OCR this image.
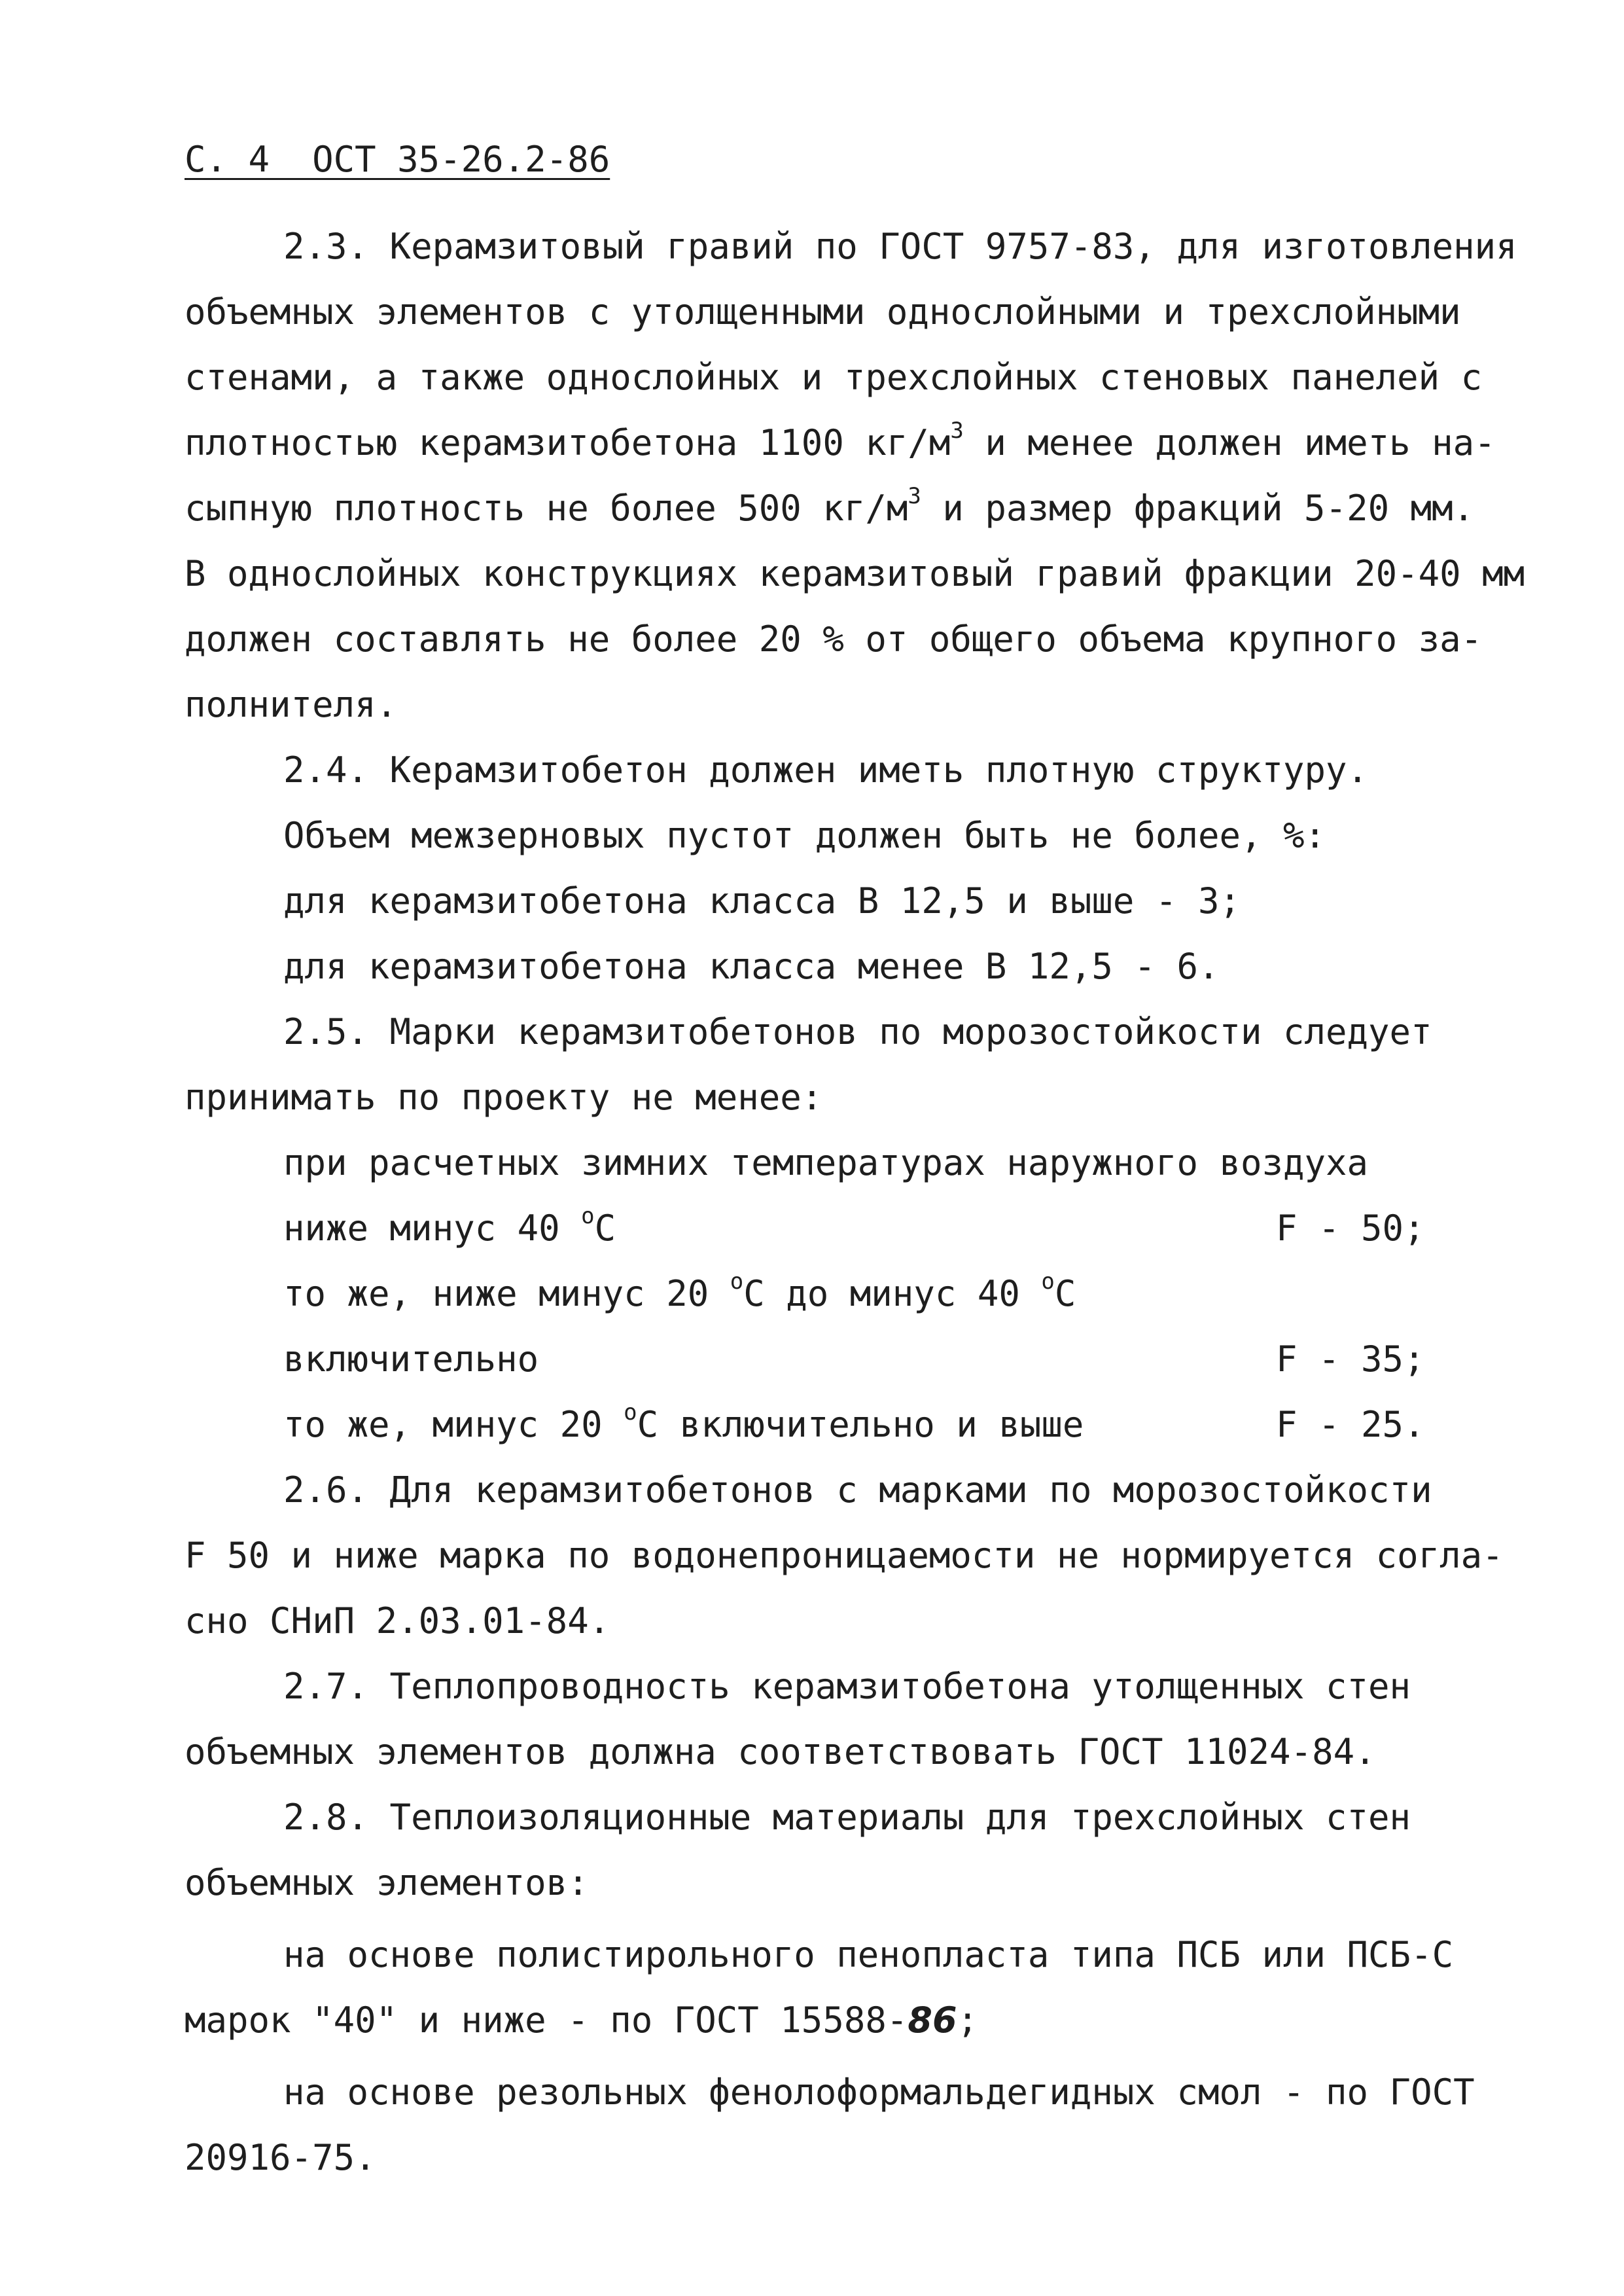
С. 4  ОСТ 35-26.2-86
2.3. Керамзитовый гравий по ГОСТ 9757-83, для изготовления
объемных элементов с утолщенными однослойными и трехслойными
стенами, а также однослойных и трехслойных стеновых панелей с
плотностью керамзитобетона 1100 $кг/м^3$ и менее должен иметь на-
сыпную плотность не более 500 $кг/м^3$ и размер фракций 5-20 мм.
В однослойных конструкциях керамзитовый гравий фракции 20-40 мм
должен составлять не более 20 % от общего объема крупного за-
полнителя.
2.4. Керамзитобетон должен иметь плотную структуру.
Объем межзерновых пустот должен быть не более, %:
для керамзитобетона класса В 12,5 и выше - 3;
для керамзитобетона класса менее В 12,5 - 6.
2.5. Марки керамзитобетонов по морозостойкости следует
принимать по проекту не менее:
при расчетных зимних температурах наружного воздуха
ниже минус 40 $^о$С	F - 50;
то же, ниже минус 20 $^о$С до минус 40 $^о$С
включительно	F - 35;
то же, минус 20 $^о$С включительно и выше	F - 25.
2.6. Для керамзитобетонов с марками по морозостойкости
F 50 и ниже марка по водонепроницаемости не нормируется согла-
сно СНиП 2.03.01-84.
2.7. Теплопроводность керамзитобетона утолщенных стен
объемных элементов должна соответствовать ГОСТ 11024-84.
2.8. Теплоизоляционные материалы для трехслойных стен
объемных элементов:
на основе полистирольного пенопласта типа ПСБ или ПСБ-С
марок "40" и ниже - по ГОСТ 15588-86;
на основе резольных фенолоформальдегидных смол - по ГОСТ
20916-75.
